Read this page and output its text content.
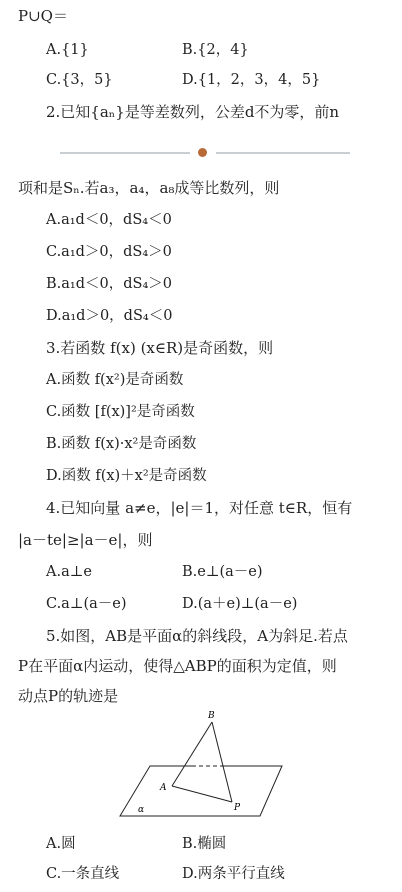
P∪Q＝
A.{1}	B.{2，4}
C.{3，5}	D.{1，2，3，4，5}
2.已知{aₙ}是等差数列，公差d不为零，前n
项和是Sₙ.若a₃，a₄，a₈成等比数列，则
A.a₁d＜0，dS₄＜0
C.a₁d＞0，dS₄＞0
B.a₁d＜0，dS₄＞0
D.a₁d＞0，dS₄＜0
3.若函数 f(x) (x∈R)是奇函数，则
A.函数 f(x²)是奇函数
C.函数 [f(x)]²是奇函数
B.函数 f(x)·x²是奇函数
D.函数 f(x)＋x²是奇函数
4.已知向量 a≠e，|e|＝1，对任意 t∈R，恒有
|a－te|≥|a－e|，则
A.a⊥e	B.e⊥(a－e)
C.a⊥(a－e)	D.(a＋e)⊥(a－e)
5.如图，AB是平面α的斜线段，A为斜足.若点
P在平面α内运动，使得△ABP的面积为定值，则
动点P的轨迹是
B
A
P
α
A.圆	B.椭圆
C.一条直线	D.两条平行直线
